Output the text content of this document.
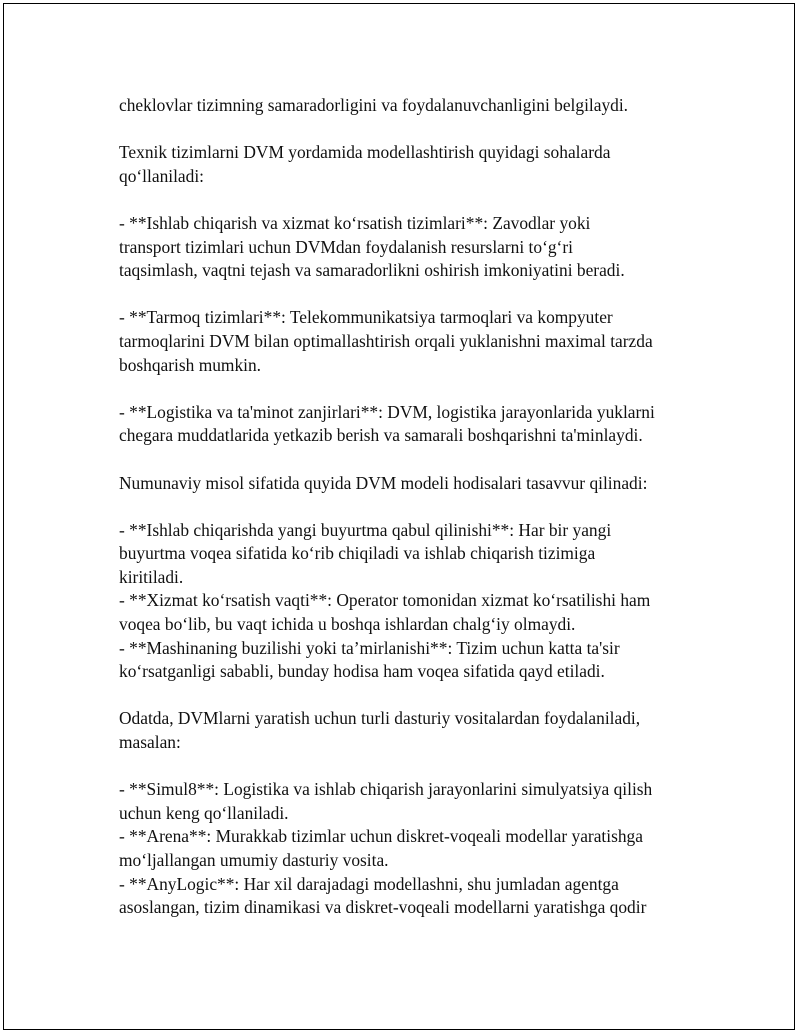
cheklovlar tizimning samaradorligini va foydalanuvchanligini belgilaydi.
Texnik tizimlarni DVM yordamida modellashtirish quyidagi sohalarda
qo‘llaniladi:
- **Ishlab chiqarish va xizmat ko‘rsatish tizimlari**: Zavodlar yoki
transport tizimlari uchun DVMdan foydalanish resurslarni to‘g‘ri
taqsimlash, vaqtni tejash va samaradorlikni oshirish imkoniyatini beradi.
- **Tarmoq tizimlari**: Telekommunikatsiya tarmoqlari va kompyuter
tarmoqlarini DVM bilan optimallashtirish orqali yuklanishni maximal tarzda
boshqarish mumkin.
- **Logistika va ta'minot zanjirlari**: DVM, logistika jarayonlarida yuklarni
chegara muddatlarida yetkazib berish va samarali boshqarishni ta'minlaydi.
Numunaviy misol sifatida quyida DVM modeli hodisalari tasavvur qilinadi:
- **Ishlab chiqarishda yangi buyurtma qabul qilinishi**: Har bir yangi
buyurtma voqea sifatida ko‘rib chiqiladi va ishlab chiqarish tizimiga
kiritiladi.
- **Xizmat ko‘rsatish vaqti**: Operator tomonidan xizmat ko‘rsatilishi ham
voqea bo‘lib, bu vaqt ichida u boshqa ishlardan chalg‘iy olmaydi.
- **Mashinaning buzilishi yoki ta’mirlanishi**: Tizim uchun katta ta'sir
ko‘rsatganligi sababli, bunday hodisa ham voqea sifatida qayd etiladi.
Odatda, DVMlarni yaratish uchun turli dasturiy vositalardan foydalaniladi,
masalan:
- **Simul8**: Logistika va ishlab chiqarish jarayonlarini simulyatsiya qilish
uchun keng qo‘llaniladi.
- **Arena**: Murakkab tizimlar uchun diskret-voqeali modellar yaratishga
mo‘ljallangan umumiy dasturiy vosita.
- **AnyLogic**: Har xil darajadagi modellashni, shu jumladan agentga
asoslangan, tizim dinamikasi va diskret-voqeali modellarni yaratishga qodir
